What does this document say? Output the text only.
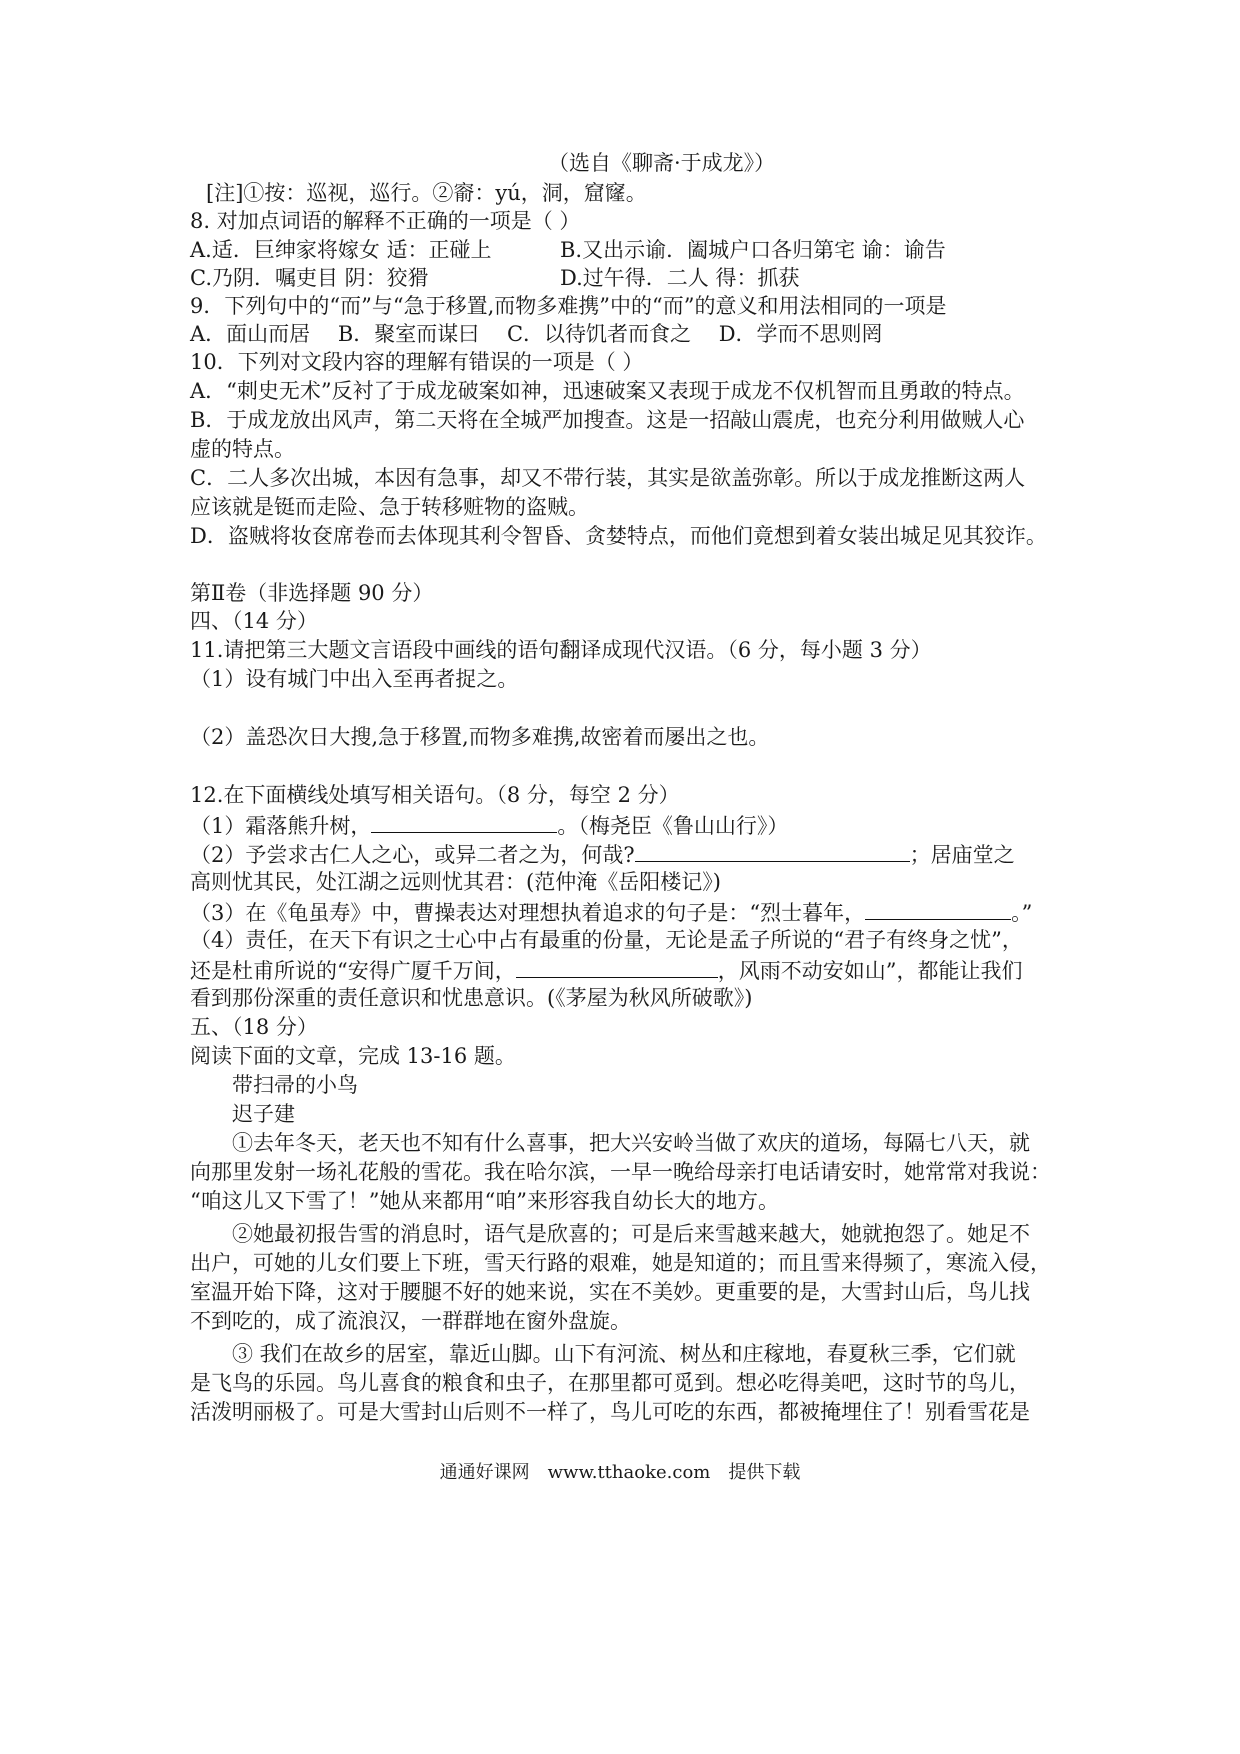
（选自《聊斋·于成龙》）
[注]①按：巡视，巡行。②窬：yú，洞，窟窿。
8. 对加点词语的解释不正确的一项是（ ）
A.适．巨绅家将嫁女 适：正碰上	B.又出示谕．阖城户口各归第宅 谕：谕告
C.乃阴．嘱吏目 阴：狡猾	D.过午得．二人 得：抓获
9．下列句中的“而”与“急于移置,而物多难携”中的“而”的意义和用法相同的一项是
A．面山而居　 B．聚室而谋曰　 C．以待饥者而食之　 D．学而不思则罔
10．下列对文段内容的理解有错误的一项是（ ）
A．“刺史无术”反衬了于成龙破案如神，迅速破案又表现于成龙不仅机智而且勇敢的特点。
B．于成龙放出风声，第二天将在全城严加搜查。这是一招敲山震虎，也充分利用做贼人心
虚的特点。
C．二人多次出城，本因有急事，却又不带行装，其实是欲盖弥彰。所以于成龙推断这两人
应该就是铤而走险、急于转移赃物的盗贼。
D．盗贼将妆奁席卷而去体现其利令智昏、贪婪特点，而他们竟想到着女装出城足见其狡诈。
第Ⅱ卷（非选择题 90 分）
四、（14 分）
11.请把第三大题文言语段中画线的语句翻译成现代汉语。（6 分，每小题 3 分）
（1）设有城门中出入至再者捉之。
（2）盖恐次日大搜,急于移置,而物多难携,故密着而屡出之也。
12.在下面横线处填写相关语句。（8 分，每空 2 分）
（1）霜落熊升树，	。（梅尧臣《鲁山山行》）
（2）予尝求古仁人之心，或异二者之为，何哉?	；居庙堂之
高则忧其民，处江湖之远则忧其君：(范仲淹《岳阳楼记》)
（3）在《龟虽寿》中，曹操表达对理想执着追求的句子是：“烈士暮年，	。”
（4）责任，在天下有识之士心中占有最重的份量，无论是孟子所说的“君子有终身之忧”，
还是杜甫所说的“安得广厦千万间，	，风雨不动安如山”，都能让我们
看到那份深重的责任意识和忧患意识。(《茅屋为秋风所破歌》)
五、（18 分）
阅读下面的文章，完成 13-16 题。
带扫帚的小鸟
迟子建
①去年冬天，老天也不知有什么喜事，把大兴安岭当做了欢庆的道场，每隔七八天，就
向那里发射一场礼花般的雪花。我在哈尔滨，一早一晚给母亲打电话请安时，她常常对我说：
“咱这儿又下雪了！”她从来都用“咱”来形容我自幼长大的地方。
②她最初报告雪的消息时，语气是欣喜的；可是后来雪越来越大，她就抱怨了。她足不
出户，可她的儿女们要上下班，雪天行路的艰难，她是知道的；而且雪来得频了，寒流入侵，
室温开始下降，这对于腰腿不好的她来说，实在不美妙。更重要的是，大雪封山后，鸟儿找
不到吃的，成了流浪汉，一群群地在窗外盘旋。
③ 我们在故乡的居室，靠近山脚。山下有河流、树丛和庄稼地，春夏秋三季，它们就
是飞鸟的乐园。鸟儿喜食的粮食和虫子，在那里都可觅到。想必吃得美吧，这时节的鸟儿，
活泼明丽极了。可是大雪封山后则不一样了，鸟儿可吃的东西，都被掩埋住了！别看雪花是
通通好课网　www.tthaoke.com　提供下载
